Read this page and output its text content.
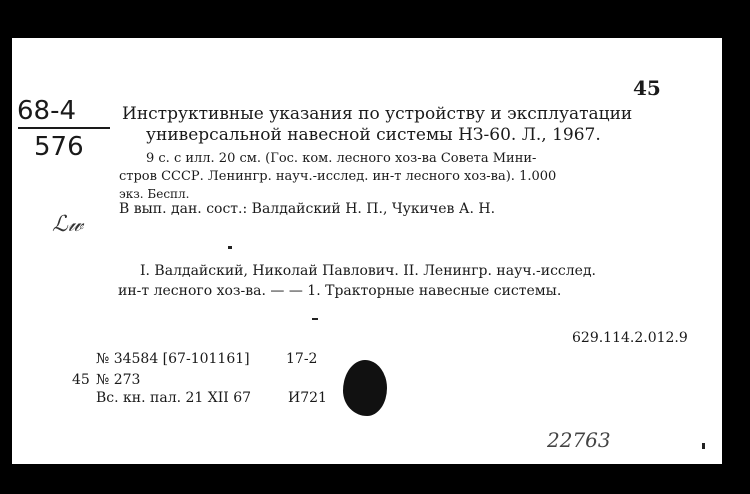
45
68-4
576
ℒ𝓌
Инструктивные указания по устройству и эксплуатации
универсальной навесной системы НЗ-60. Л., 1967.
9 с. с илл. 20 см. (Гос. ком. лесного хоз-ва Совета Мини-
стров СССР. Ленингр. науч.-исслед. ин-т лесного хоз-ва). 1.000
экз. Беспл.
В вып. дан. сост.: Валдайский Н. П., Чукичев А. Н.
I. Валдайский, Николай Павлович. II. Ленингр. науч.-исслед.
ин-т лесного хоз-ва. — — 1. Тракторные навесные системы.
629.114.2.012.9
№ 34584 [67-101161]	17-2
45 № 273
Вс. кн. пал. 21 XII 67	И721
22763
